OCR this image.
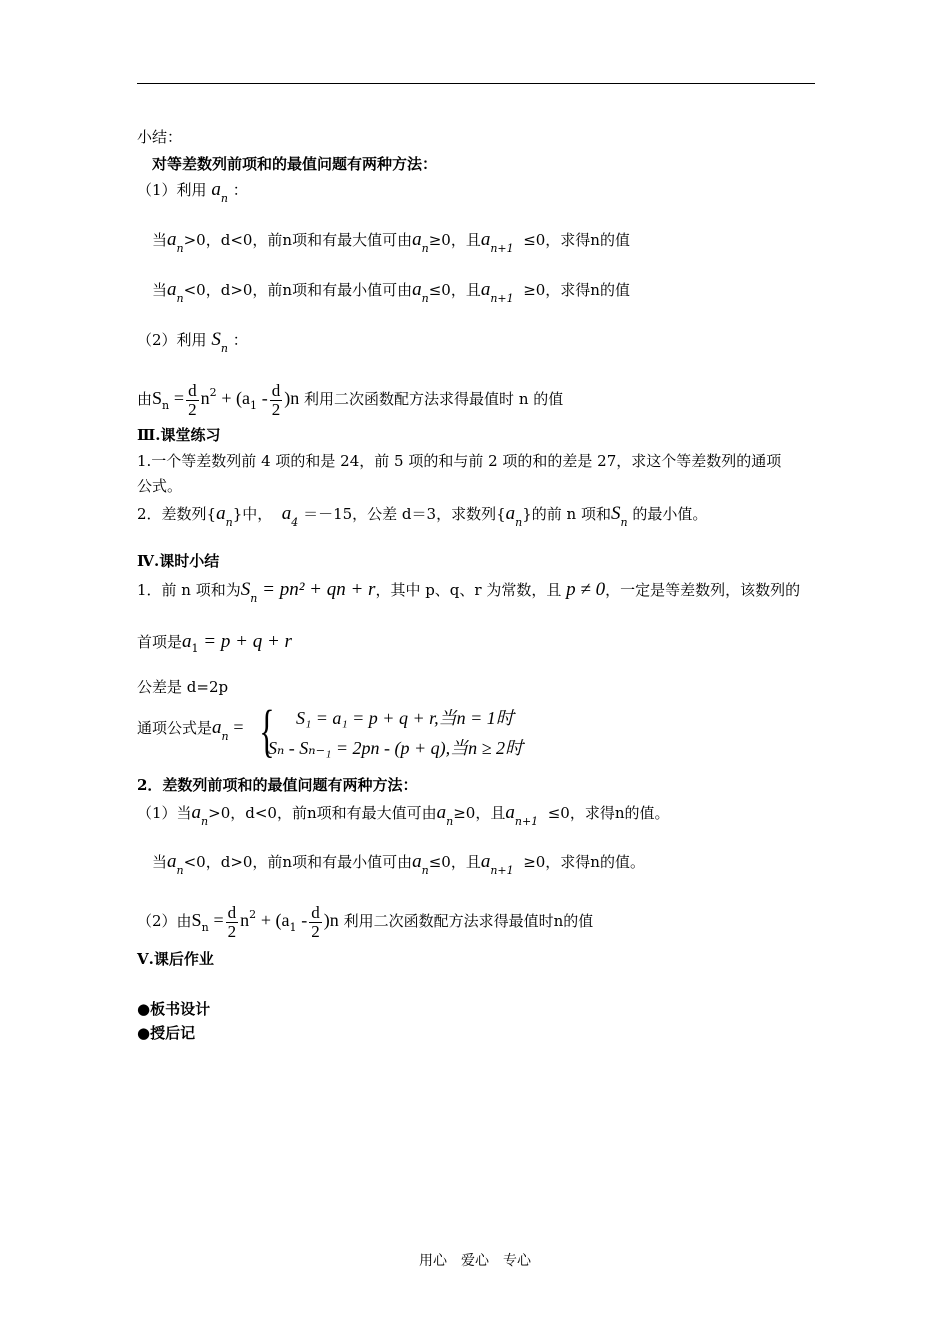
小结：
对等差数列前项和的最值问题有两种方法：
（1）利用 $a_n$ ：
当$a_n>0$，d<0，前n项和有最大值可由$a_n\ge 0$，且$a_{n+1} \le 0$，求得n的值
当$a_n<0$，d>0，前n项和有最小值可由$a_n\le 0$，且$a_{n+1} \ge 0$，求得n的值
（2）利用 $S_n$ ：
由$S_n = \frac{d}{2} n^2 + (a_1 - \frac{d}{2} )n$ 利用二次函数配方法求得最值时 n 的值
Ⅲ.课堂练习
1.一个等差数列前 4 项的和是 24，前 5 项的和与前 2 项的和的差是 27，求这个等差数列的通项
公式。
2．差数列$\{a_n\}$中， $a_4 =-15$，公差 d＝3，求数列$\{a_n\}$的前 n 项和$S_n$ 的最小值。
Ⅳ.课时小结
1．前 n 项和为$S_n = pn^2$ + qn + r，其中 p、q、r 为常数，且 p ≠ 0，一定是等差数列，该数列的
首项是$a_1 = p + q + r$
公差是 d=2p
通项公式是$a_n$ = { S₁ = a₁ = p + q + r,当n = 1时
Sₙ - Sₙ₋₁ = 2pn - (p + q),当n ≥ 2时
2．差数列前项和的最值问题有两种方法：
（1）当$a_n>0$，d<0，前n项和有最大值可由$a_n\ge 0$，且$a_{n+1} \le 0$，求得n的值。
当$a_n<0$，d>0，前n项和有最小值可由$a_n\le 0$，且$a_{n+1} \ge 0$，求得n的值。
（2）由$S_n = \frac{d}{2} n^2 + (a_1 - \frac{d}{2} )n$ 利用二次函数配方法求得最值时n的值
Ⅴ.课后作业
●板书设计
●授后记
用心　爱心　专心
